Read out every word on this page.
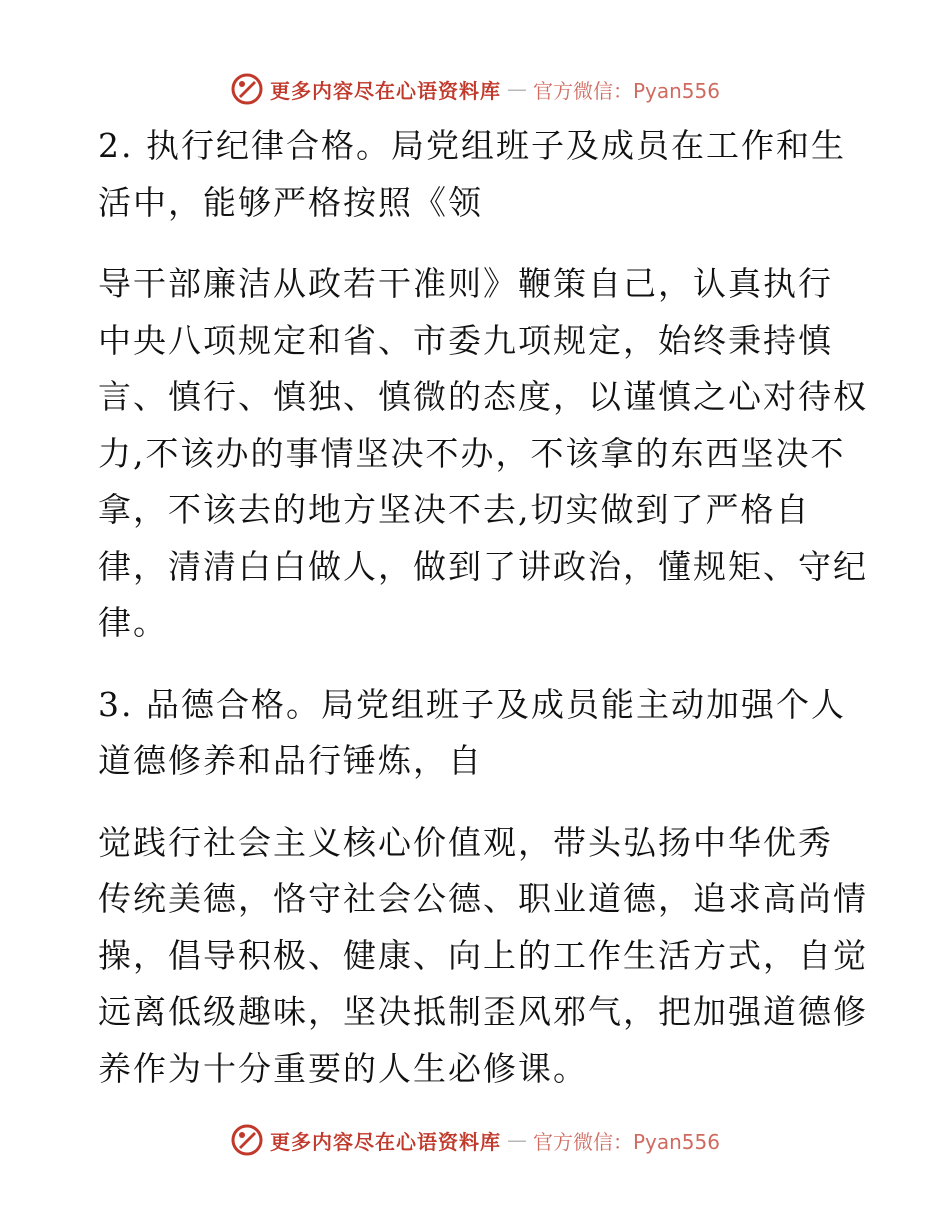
更多内容尽在心语资料库 — 官方微信：Pyan556

2. 执行纪律合格。局党组班子及成员在工作和生
活中，能够严格按照《领

导干部廉洁从政若干准则》鞭策自己，认真执行
中央八项规定和省、市委九项规定，始终秉持慎
言、慎行、慎独、慎微的态度，以谨慎之心对待权
力,不该办的事情坚决不办，不该拿的东西坚决不
拿，不该去的地方坚决不去,切实做到了严格自
律，清清白白做人，做到了讲政治，懂规矩、守纪
律。

3. 品德合格。局党组班子及成员能主动加强个人
道德修养和品行锤炼，自

觉践行社会主义核心价值观，带头弘扬中华优秀
传统美德，恪守社会公德、职业道德，追求高尚情
操，倡导积极、健康、向上的工作生活方式，自觉
远离低级趣味，坚决抵制歪风邪气，把加强道德修
养作为十分重要的人生必修课。

更多内容尽在心语资料库 — 官方微信：Pyan556
